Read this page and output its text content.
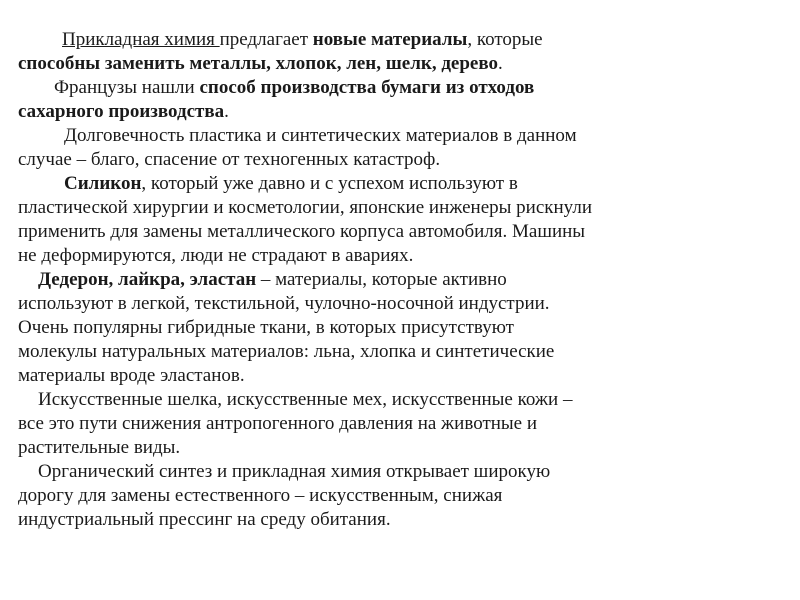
Прикладная химия предлагает новые материалы, которые
способны заменить металлы, хлопок, лен, шелк, дерево.
Французы нашли способ производства бумаги из отходов
сахарного производства.
Долговечность пластика и синтетических материалов в данном
случае – благо, спасение от техногенных катастроф.
Силикон, который уже давно и с успехом используют в
пластической хирургии и косметологии, японские инженеры рискнули
применить для замены металлического корпуса автомобиля. Машины
не деформируются, люди не страдают в авариях.
Дедерон, лайкра, эластан – материалы, которые активно
используют в легкой, текстильной, чулочно-носочной индустрии.
Очень популярны гибридные ткани, в которых присутствуют
молекулы натуральных материалов: льна, хлопка и синтетические
материалы вроде эластанов.
Искусственные шелка, искусственные мех, искусственные кожи –
все это пути снижения антропогенного давления на животные и
растительные виды.
Органический синтез и прикладная химия открывает широкую
дорогу для замены естественного – искусственным, снижая
индустриальный прессинг на среду обитания.
